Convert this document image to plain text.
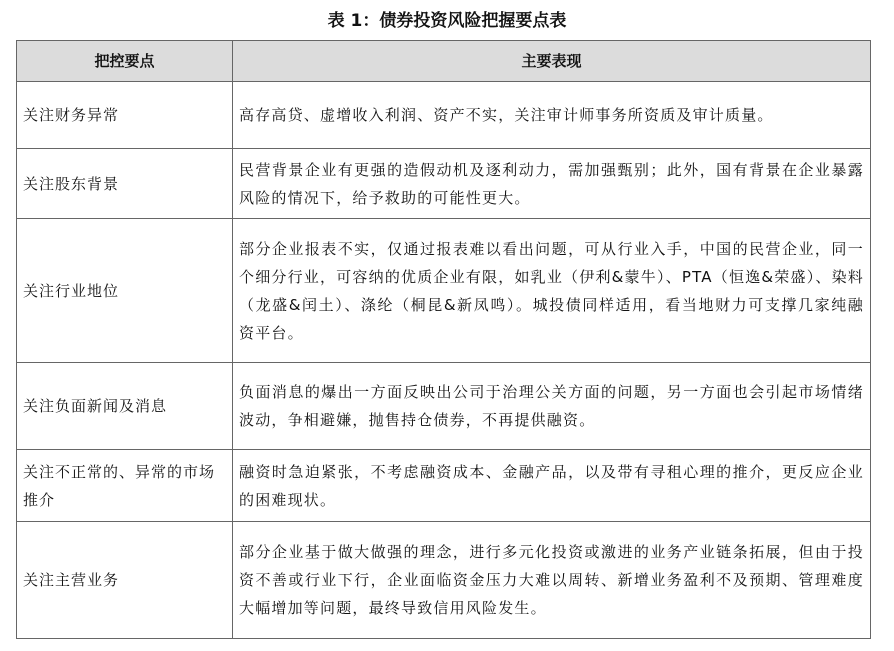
表 1：债券投资风险把握要点表
把控要点	主要表现
关注财务异常	高存高贷、虚增收入利润、资产不实，关注审计师事务所资质及审计质量。
关注股东背景	民营背景企业有更强的造假动机及逐利动力，需加强甄别；此外，国有背景在企业暴露风险的情况下，给予救助的可能性更大。
关注行业地位	部分企业报表不实，仅通过报表难以看出问题，可从行业入手，中国的民营企业，同一个细分行业，可容纳的优质企业有限，如乳业（伊利&蒙牛）、PTA（恒逸&荣盛）、染料（龙盛&闰土）、涤纶（桐昆&新凤鸣）。城投债同样适用，看当地财力可支撑几家纯融资平台。
关注负面新闻及消息	负面消息的爆出一方面反映出公司于治理公关方面的问题，另一方面也会引起市场情绪波动，争相避嫌，抛售持仓债券，不再提供融资。
关注不正常的、异常的市场推介	融资时急迫紧张，不考虑融资成本、金融产品，以及带有寻租心理的推介，更反应企业的困难现状。
关注主营业务	部分企业基于做大做强的理念，进行多元化投资或激进的业务产业链条拓展，但由于投资不善或行业下行，企业面临资金压力大难以周转、新增业务盈利不及预期、管理难度大幅增加等问题，最终导致信用风险发生。
